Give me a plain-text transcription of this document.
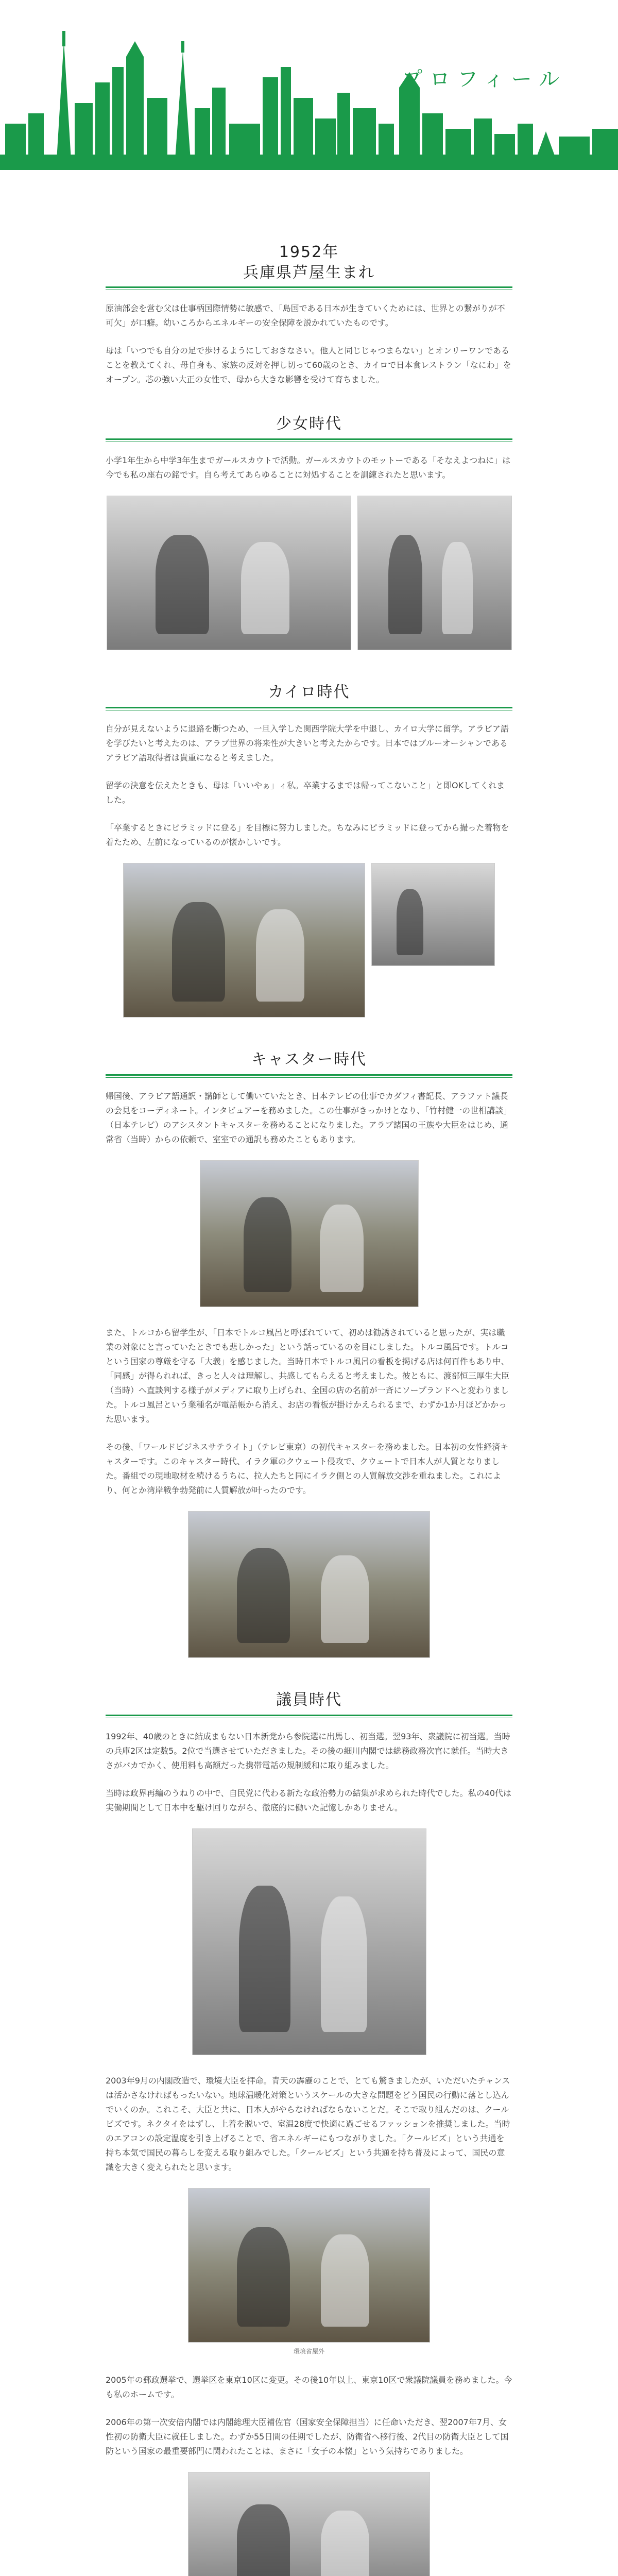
プロフィール
1952年
兵庫県芦屋生まれ

原油部会を営む父は仕事柄国際情勢に敏感で、「島国である日本が生きていくためには、世界との繋がりが不可欠」が口癖。幼いころからエネルギーの安全保障を説かれていたものです。

母は「いつでも自分の足で歩けるようにしておきなさい。他人と同じじゃつまらない」とオンリーワンであることを教えてくれ、母自身も、家族の反対を押し切って60歳のとき、カイロで日本食レストラン「なにわ」をオープン。芯の強い大正の女性で、母から大きな影響を受けて育ちました。

少女時代

小学1年生から中学3年生までガールスカウトで活動。ガールスカウトのモットーである「そなえよつねに」は今でも私の座右の銘です。自ら考えてあらゆることに対処することを訓練されたと思います。

カイロ時代

自分が見えないように退路を断つため、一旦入学した関西学院大学を中退し、カイロ大学に留学。アラビア語を学びたいと考えたのは、アラブ世界の将来性が大きいと考えたからです。日本ではブルーオーシャンであるアラビア語取得者は貴重になると考えました。

留学の決意を伝えたときも、母は「いいやぁ」ィ私。卒業するまでは帰ってこないこと」と即OKしてくれました。

「卒業するときにピラミッドに登る」を目標に努力しました。ちなみにピラミッドに登ってから撮った着物を着たため、左前になっているのが懐かしいです。

キャスター時代

帰国後、アラビア語通訳・講師として働いていたとき、日本テレビの仕事でカダフィ書記長、アラファト議長の会見をコーディネート。インタビュアーを務めました。この仕事がきっかけとなり、「竹村健一の世相講談」（日本テレビ）のアシスタントキャスターを務めることになりました。アラブ諸国の王族や大臣をはじめ、通常省（当時）からの依頼で、室室での通訳も務めたこともあります。

また、トルコから留学生が、「日本でトルコ風呂と呼ばれていて、初めは勧誘されていると思ったが、実は職業の対象にと言っていたときでも悲しかった」という話っているのを目にしました。トルコ風呂です。トルコという国家の尊厳を守る「大義」を感じました。当時日本でトルコ風呂の看板を掲げる店は何百件もあり中、「同感」が得られれば、きっと人々は理解し、共感してもらえると考えました。彼ともに、渡部恒三厚生大臣（当時）へ直談判する様子がメディアに取り上げられ、全国の店の名前が一斉にソープランドへと変わりました。トルコ風呂という業種名が電話帳から消え、お店の看板が掛けかえられるまで、わずか1か月ほどかかった思います。

その後、「ワールドビジネスサテライト」（テレビ東京）の初代キャスターを務めました。日本初の女性経済キャスターです。このキャスター時代、イラク軍のクウェート侵攻で、クウェートで日本人が人質となりました。番組での現地取材を続けるうちに、拉人たちと同にイラク側との人質解放交渉を重ねました。これにより、何とか湾岸戦争勃発前に人質解放が叶ったのです。

議員時代

1992年、40歳のときに結成まもない日本新党から参院選に出馬し、初当選。翌93年、衆議院に初当選。当時の兵庫2区は定数5。2位で当選させていただきました。その後の細川内閣では総務政務次官に就任。当時大きさがバカでかく、使用料も高額だった携帯電話の規制緩和に取り組みました。

当時は政界再編のうねりの中で、自民党に代わる新たな政治勢力の結集が求められた時代でした。私の40代は実働期間として日本中を駆け回りながら、徹底的に働いた記憶しかありません。

2003年9月の内閣改造で、環境大臣を拝命。青天の霹靂のことで、とても驚きましたが、いただいたチャンスは活かさなければもったいない。地球温暖化対策というスケールの大きな問題をどう国民の行動に落とし込んでいくのか。これこそ、大臣と共に、日本人がやらなければならないことだ。そこで取り組んだのは、クールビズです。ネクタイをはずし、上着を脱いで、室温28度で快適に過ごせるファッションを推奨しました。当時のエアコンの設定温度を引き上げることで、省エネルギーにもつながりました。「クールビズ」という共通を持ち本気で国民の暮らしを変える取り組みでした。「クールビズ」という共通を持ち普及によって、国民の意識を大きく変えられたと思います。

環境省屋外

2005年の郵政選挙で、選挙区を東京10区に変更。その後10年以上、東京10区で衆議院議員を務めました。今も私のホームです。

2006年の第一次安倍内閣では内閣総理大臣補佐官（国家安全保障担当）に任命いただき、翌2007年7月、女性初の防衛大臣に就任しました。わずか55日間の任期でしたが、防衛省へ移行後、2代目の防衛大臣として国防という国家の最重要部門に関われたことは、まさに「女子の本懐」という気持ちでありました。
